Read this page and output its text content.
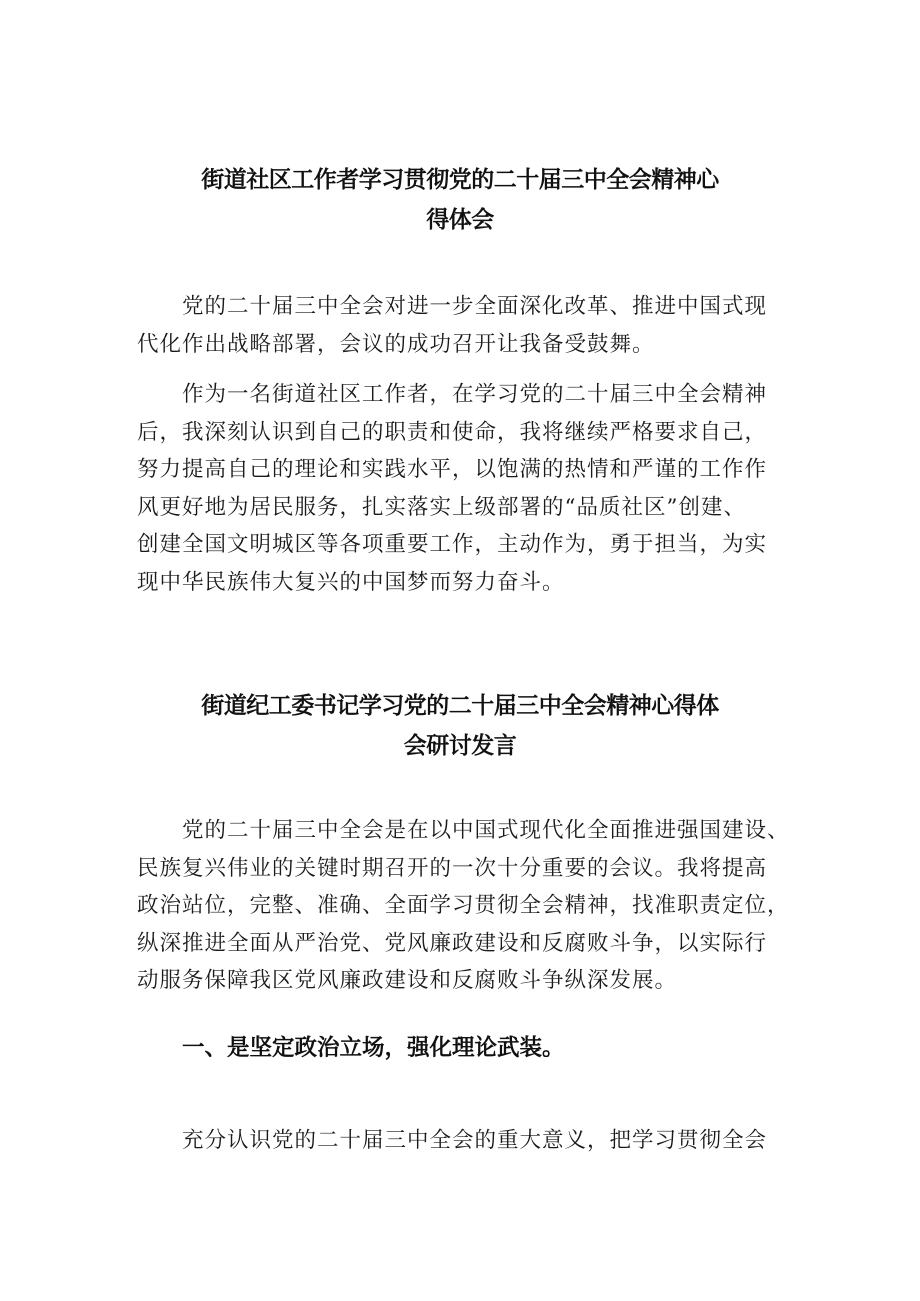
街道社区工作者学习贯彻党的二十届三中全会精神心
得体会

党的二十届三中全会对进一步全面深化改革、推进中国式现
代化作出战略部署，会议的成功召开让我备受鼓舞。

作为一名街道社区工作者，在学习党的二十届三中全会精神
后，我深刻认识到自己的职责和使命，我将继续严格要求自己，
努力提高自己的理论和实践水平，以饱满的热情和严谨的工作作
风更好地为居民服务，扎实落实上级部署的“品质社区”创建、
创建全国文明城区等各项重要工作，主动作为，勇于担当，为实
现中华民族伟大复兴的中国梦而努力奋斗。

街道纪工委书记学习党的二十届三中全会精神心得体
会研讨发言

党的二十届三中全会是在以中国式现代化全面推进强国建设、
民族复兴伟业的关键时期召开的一次十分重要的会议。我将提高
政治站位，完整、准确、全面学习贯彻全会精神，找准职责定位，
纵深推进全面从严治党、党风廉政建设和反腐败斗争，以实际行
动服务保障我区党风廉政建设和反腐败斗争纵深发展。

一、是坚定政治立场，强化理论武装。

充分认识党的二十届三中全会的重大意义，把学习贯彻全会
